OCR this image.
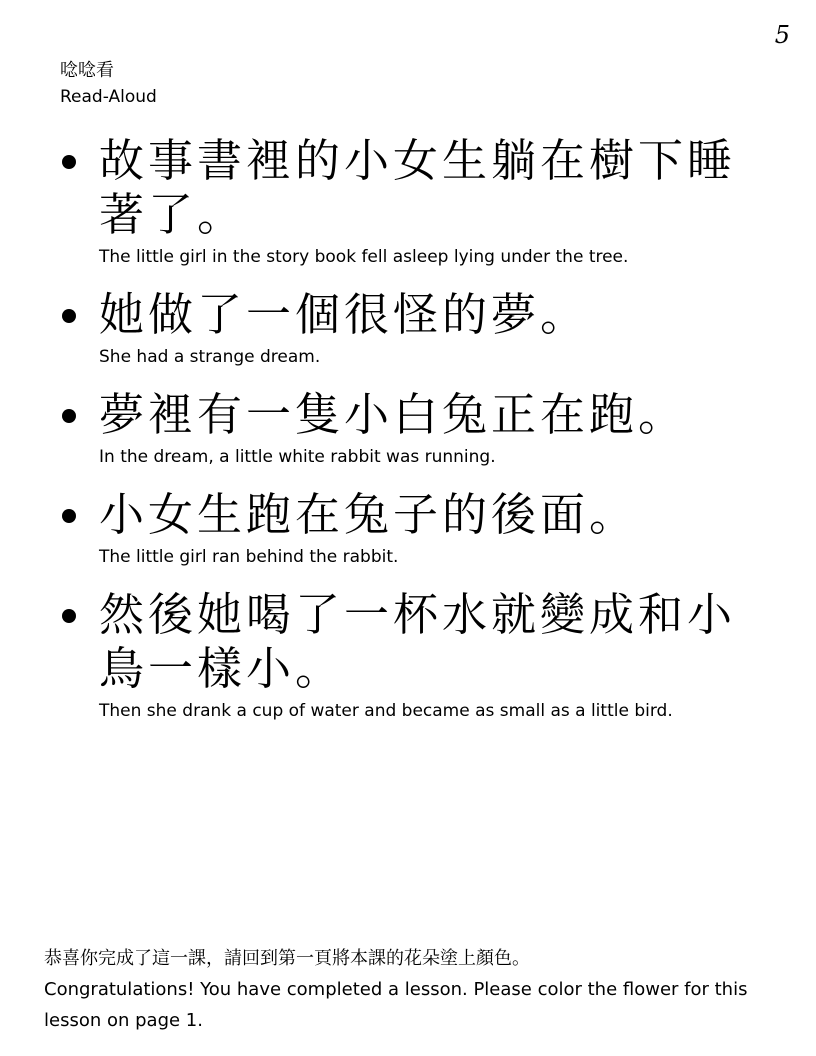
5
唸唸看
Read-Aloud
故事書裡的小女生躺在樹下睡著了。
The little girl in the story book fell asleep lying under the tree.
她做了一個很怪的夢。
She had a strange dream.
夢裡有一隻小白兔正在跑。
In the dream, a little white rabbit was running.
小女生跑在兔子的後面。
The little girl ran behind the rabbit.
然後她喝了一杯水就變成和小鳥一樣小。
Then she drank a cup of water and became as small as a little bird.
恭喜你完成了這一課，請回到第一頁將本課的花朵塗上顏色。
Congratulations! You have completed a lesson. Please color the flower for this lesson on page 1.
